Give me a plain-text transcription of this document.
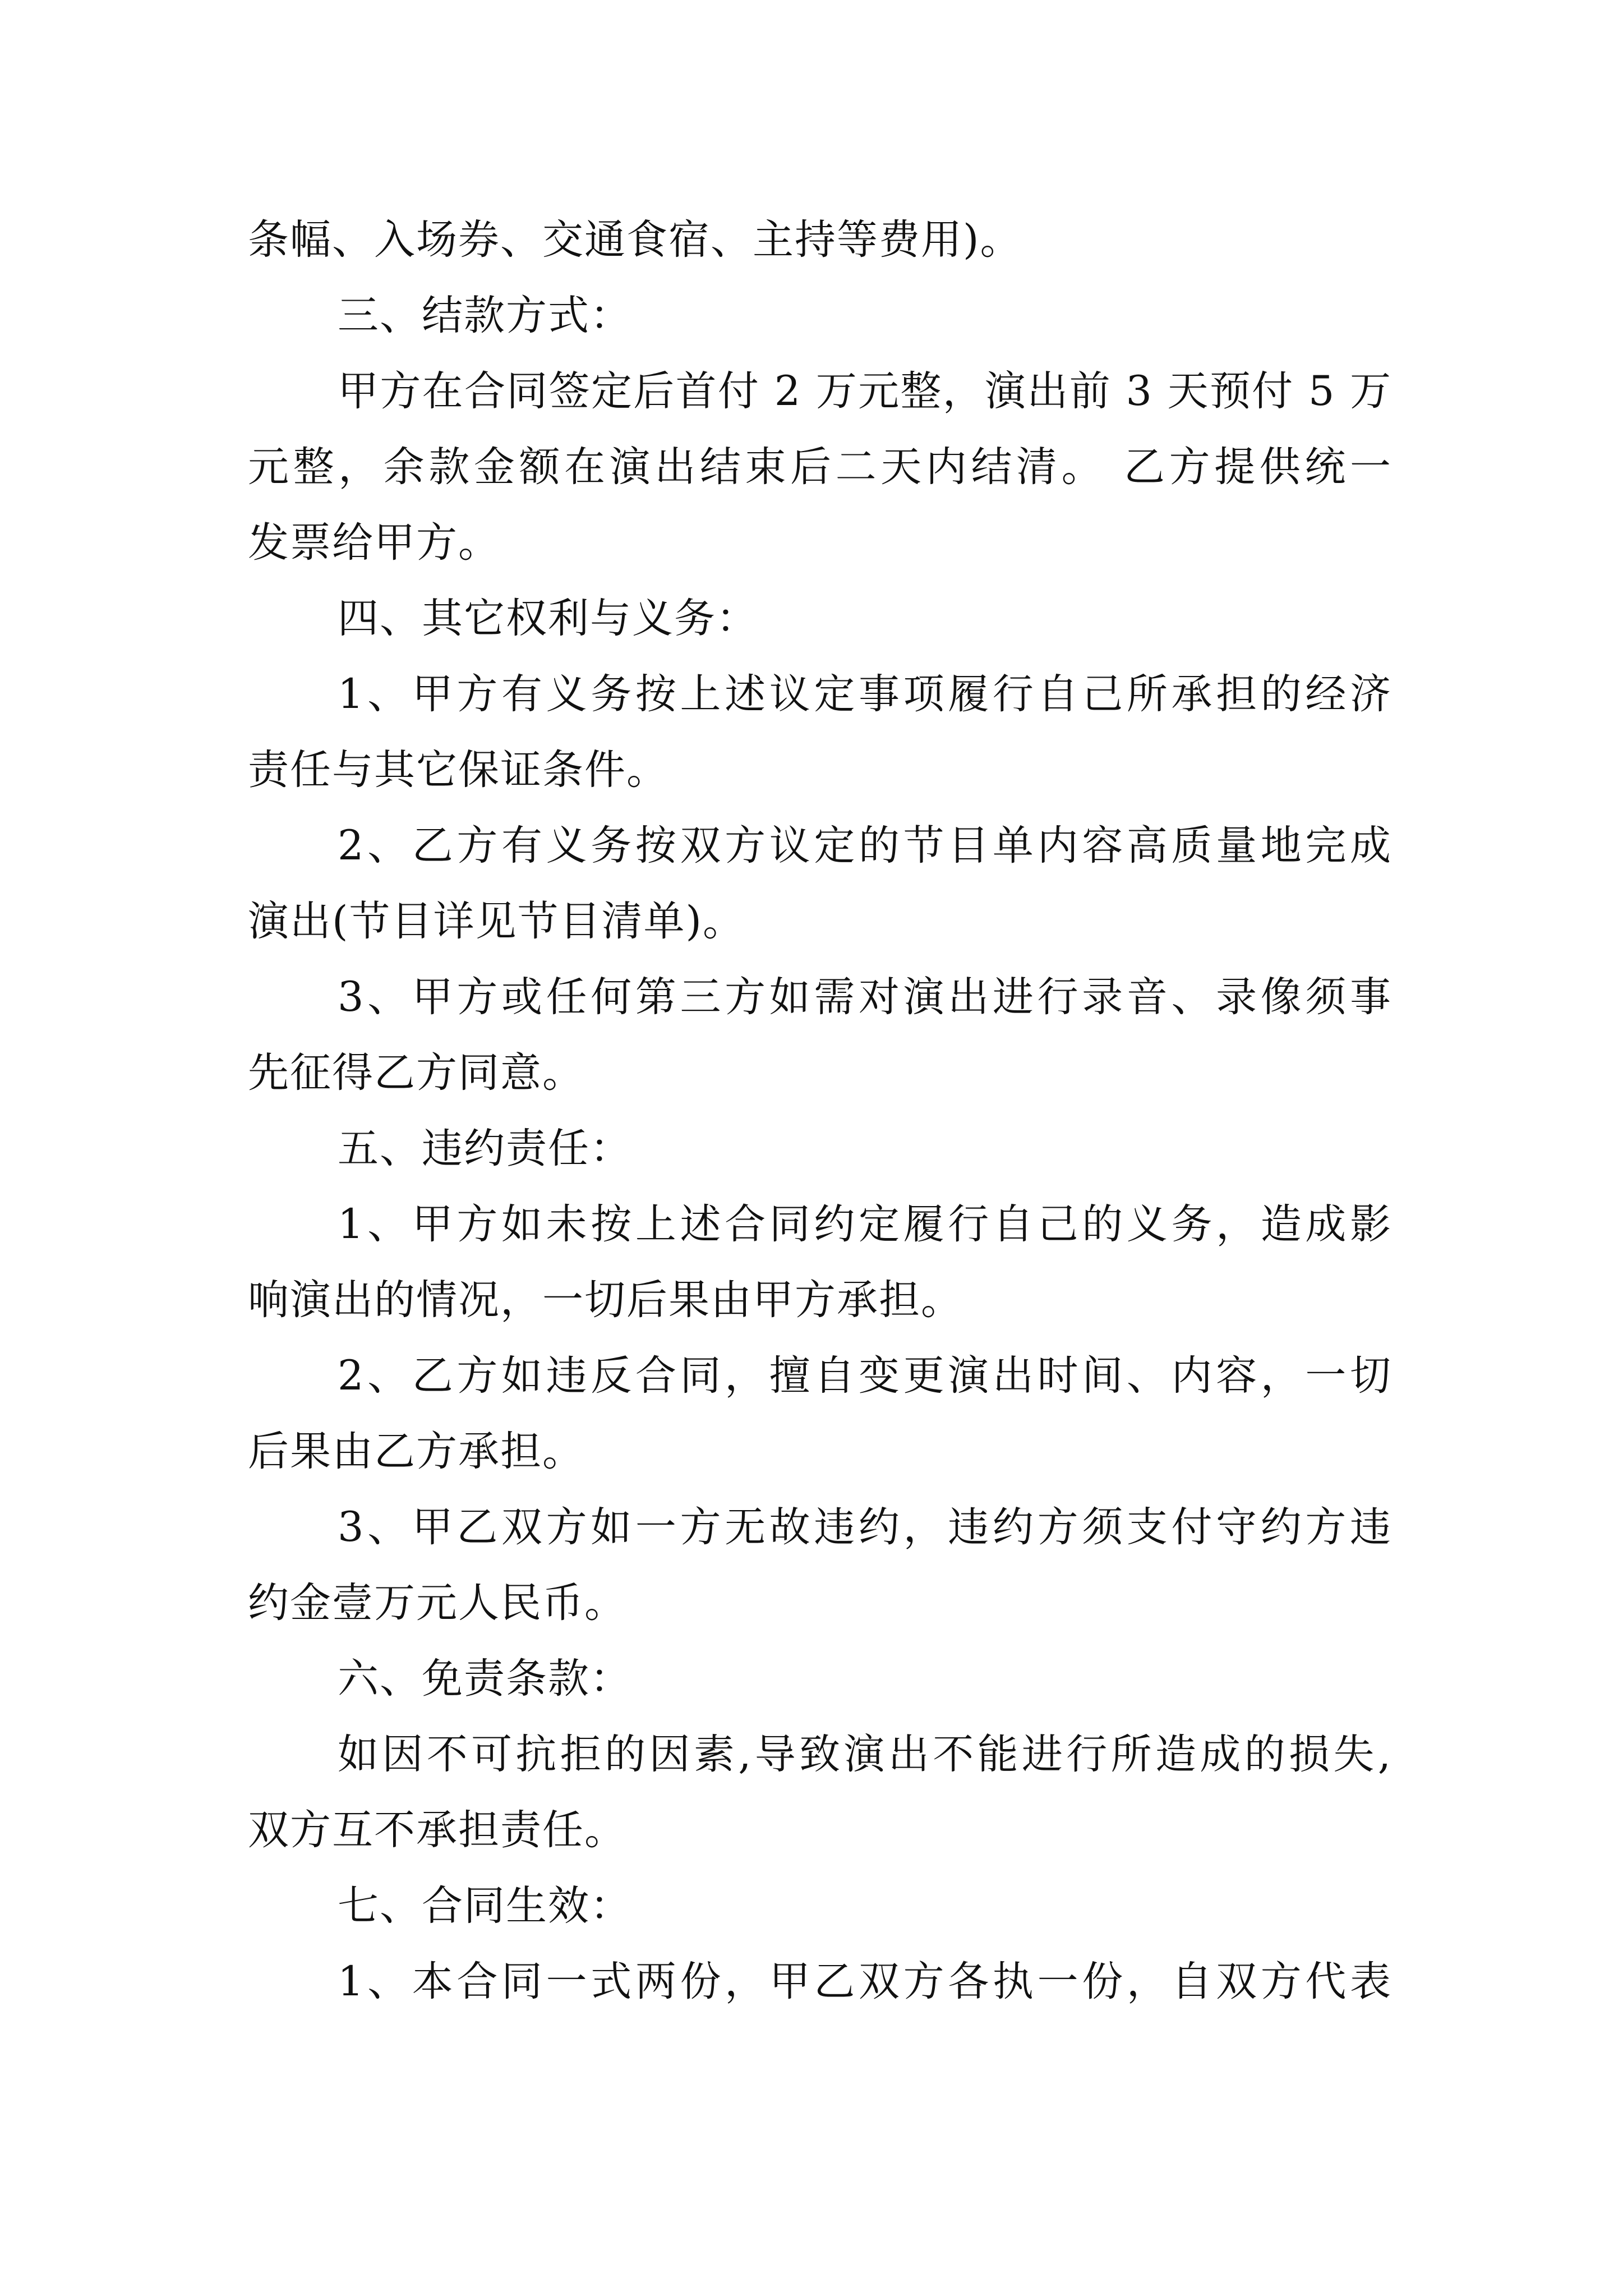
条幅、入场券、交通食宿、主持等费用)。
三、结款方式：
甲方在合同签定后首付 2 万元整，演出前 3 天预付 5 万
元整，余款金额在演出结束后二天内结清。 乙方提供统一
发票给甲方。
四、其它权利与义务：
1、甲方有义务按上述议定事项履行自己所承担的经济
责任与其它保证条件。
2、乙方有义务按双方议定的节目单内容高质量地完成
演出(节目详见节目清单)。
3、甲方或任何第三方如需对演出进行录音、录像须事
先征得乙方同意。
五、违约责任：
1、甲方如未按上述合同约定履行自己的义务，造成影
响演出的情况，一切后果由甲方承担。
2、乙方如违反合同，擅自变更演出时间、内容，一切
后果由乙方承担。
3、甲乙双方如一方无故违约，违约方须支付守约方违
约金壹万元人民币。
六、免责条款：
如因不可抗拒的因素,导致演出不能进行所造成的损失,
双方互不承担责任。
七、合同生效：
1、本合同一式两份，甲乙双方各执一份，自双方代表
